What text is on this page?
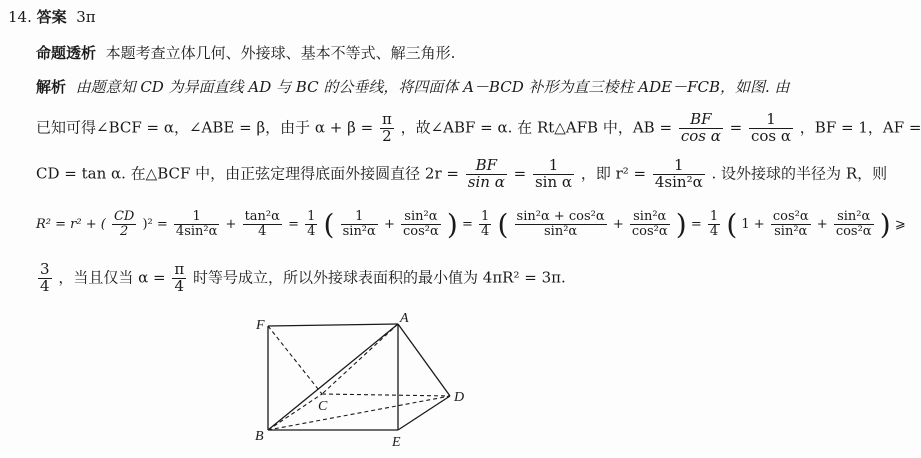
14. 答案 3π
命题透析 本题考查立体几何、外接球、基本不等式、解三角形.
解析 由题意知 CD 为异面直线 AD 与 BC 的公垂线，将四面体 A－BCD 补形为直三棱柱 ADE－FCB，如图. 由
已知可得∠BCF = α，∠ABE = β，由于 $\alpha + \beta = \frac{\pi}{2}$ ，故∠ABF = α. 在 Rt△AFB 中，AB = $\frac{BF}{\text{cos α}} = \frac{1}{\text{cos α}}$ ，BF = 1，AF =
CD = tan α. 在△BCF 中，由正弦定理得底面外接圆直径 $2r = \frac{BF}{\text{sin α}} = \frac{1}{\text{sin α}}$ ，即 $r^2 = \frac{1}{\text{4sin²α}}$ . 设外接球的半径为 R，则
R² = r² + ( $\frac{CD}{2} )^2 = \frac{1}{\text{4sin²α}} + \frac{\text{tan²α}}{4} = \frac{1}{4}$ ( $\frac{1}{\text{sin²α}} + \frac{\text{sin²α}}{\text{cos²α}}$ ) = $\frac{1}{4}$ ( $\frac{\text{sin²α + cos²α}}{\text{sin²α}} + \frac{\text{sin²α}}{\text{cos²α}}$ ) = $\frac{1}{4}$ ( $1 + \frac{\text{cos²α}}{\text{sin²α}} + \frac{\text{sin²α}}{\text{cos²α}}$ ) ⩾
$\frac{3}{4}$ ，当且仅当 $\alpha = \frac{\pi}{4}$ 时等号成立，所以外接球表面积的最小值为 4πR² = 3π.
F	A
C
D
B	E
